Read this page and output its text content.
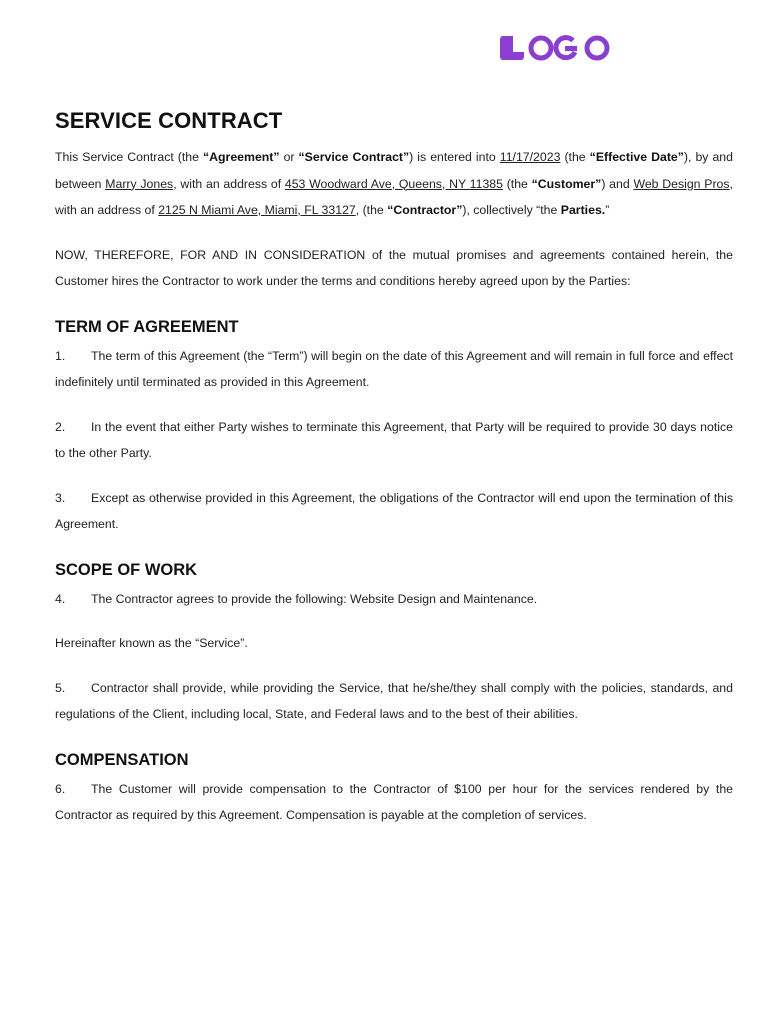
SERVICE CONTRACT

This Service Contract (the “Agreement” or “Service Contract”) is entered into 11/17/2023 (the “Effective Date”), by and between Marry Jones, with an address of 453 Woodward Ave, Queens, NY 11385 (the “Customer”) and Web Design Pros, with an address of 2125 N Miami Ave, Miami, FL 33127, (the “Contractor”), collectively “the Parties.”

NOW, THEREFORE, FOR AND IN CONSIDERATION of the mutual promises and agreements contained herein, the Customer hires the Contractor to work under the terms and conditions hereby agreed upon by the Parties:

TERM OF AGREEMENT

1. The term of this Agreement (the “Term”) will begin on the date of this Agreement and will remain in full force and effect indefinitely until terminated as provided in this Agreement.

2. In the event that either Party wishes to terminate this Agreement, that Party will be required to provide 30 days notice to the other Party.

3. Except as otherwise provided in this Agreement, the obligations of the Contractor will end upon the termination of this Agreement.

SCOPE OF WORK

4. The Contractor agrees to provide the following: Website Design and Maintenance.

Hereinafter known as the “Service”.

5. Contractor shall provide, while providing the Service, that he/she/they shall comply with the policies, standards, and regulations of the Client, including local, State, and Federal laws and to the best of their abilities.

COMPENSATION

6. The Customer will provide compensation to the Contractor of $100 per hour for the services rendered by the Contractor as required by this Agreement. Compensation is payable at the completion of services.
